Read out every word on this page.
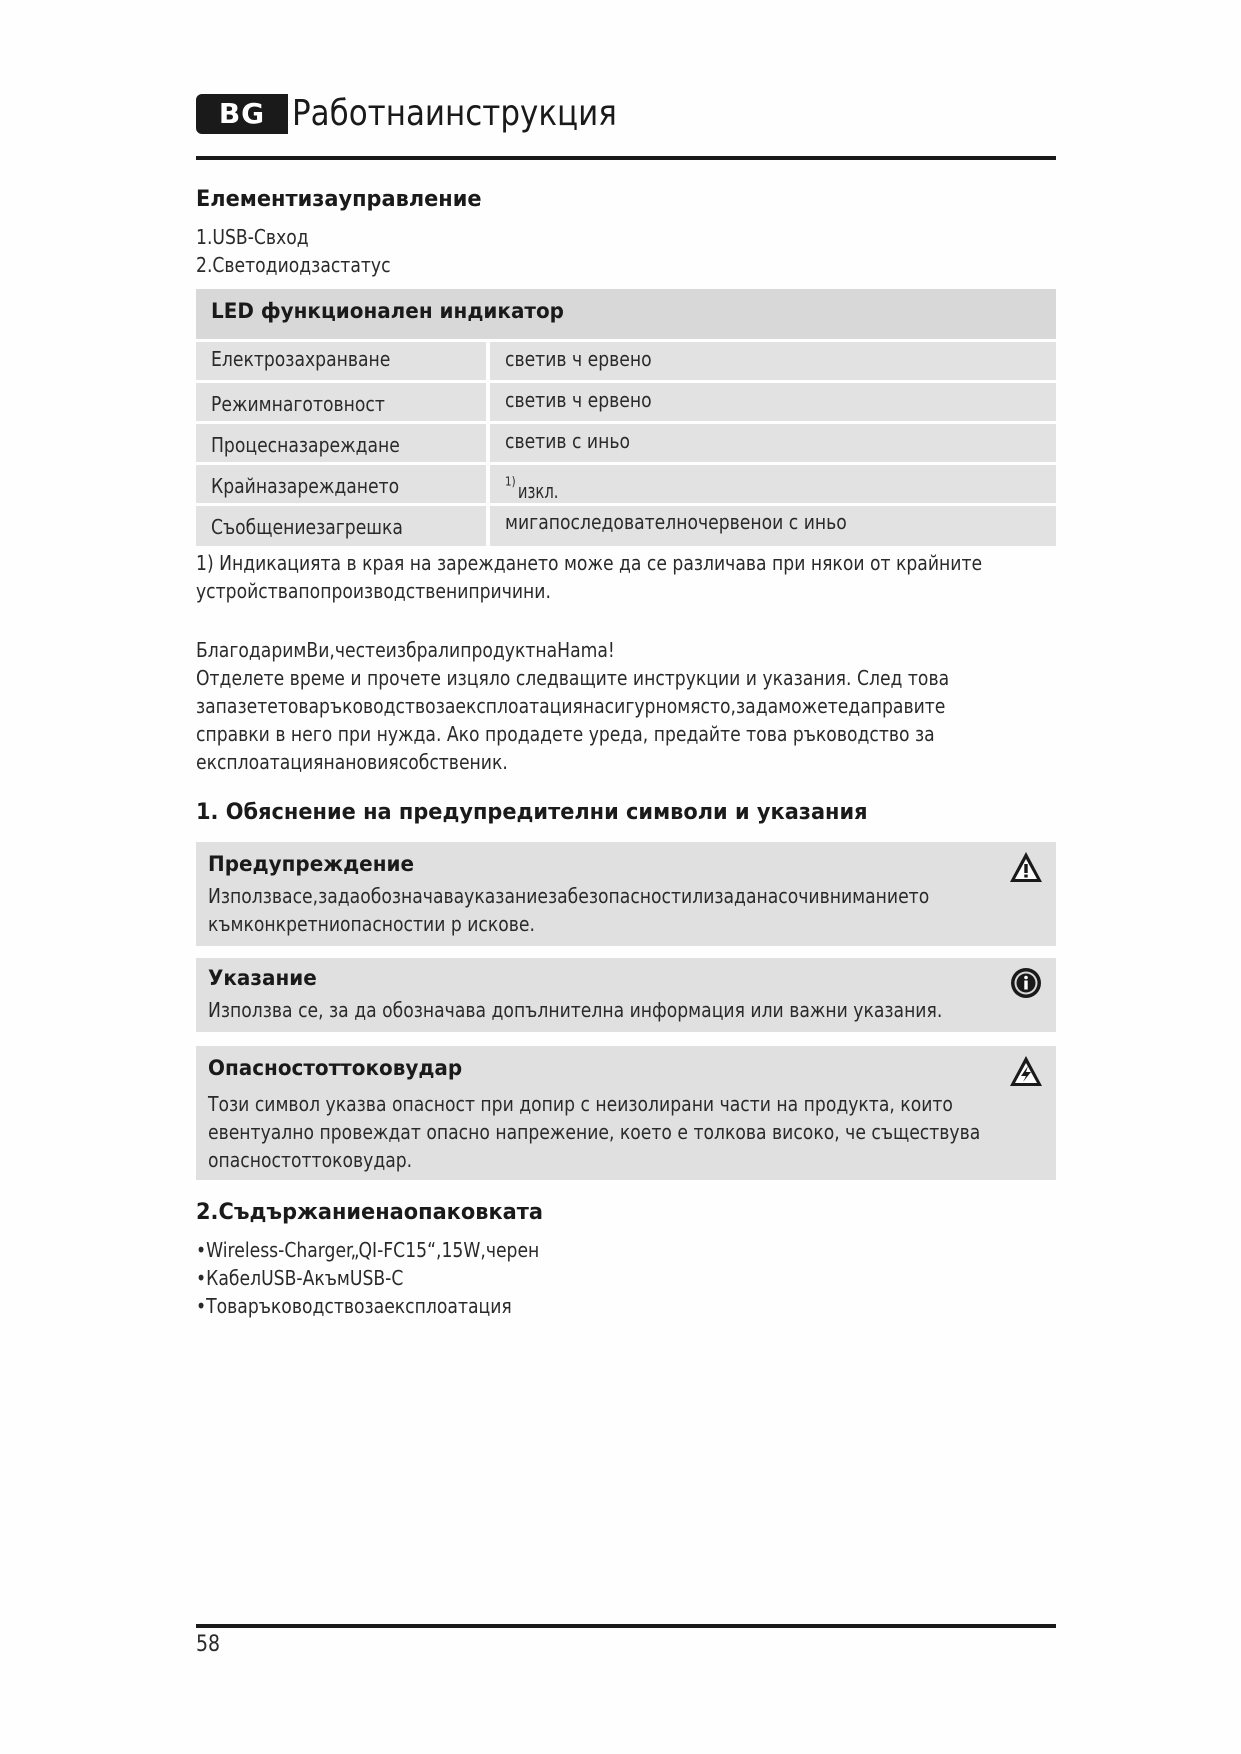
BG Работнаинструкция
Елементизауправление
1.USB-Cвход
2.Светодиодзастатус
LED функционален индикатор
Електрозахранване	светив ч ервено
Режимнаготовност	светив ч ервено
Процесназареждане	светив с иньо
Крайназарежданeто	изкл.
$^{1)}$
Съобщениезагрешка	мигапоследователночервенои с иньо
1) Индикацията в края на зареждането може да се различава при някои от крайните
устройствапопроизводствeнипричини.
БлагодаримВи,честеизбралипродуктнаHama!
Отделете време и прочете изцяло следващите инструкции и указания. След това
запазететоваръководствозаексплоатациянасигурномясто,задаможетедаправите
справки в него при нужда. Ако продадете уреда, предайте това ръководство за
експлоатациянановиясобственик.
1. Обяснение на предупредителни символи и указания
Предупреждение
Използвасе,задаобозначавауказаниезабезопасностилизаданасочивниманието
къмконкретниопасностии р искове.
Указание
Използва се, за да обозначава допълнителна информация или важни указания.
Опасностоттоковудар
Този символ указва опасност при допир с неизолирани части на продукта, които
евентуално провеждат опасно напрежение, което е толкова високо, че съществува
опасностоттоковудар.
2.Съдържаниенаопаковката
•Wireless-Charger„QI-FC15“,15W,черен
•КабелUSB-АкъмUSB-C
•Товаръководствозаексплоатация
58
